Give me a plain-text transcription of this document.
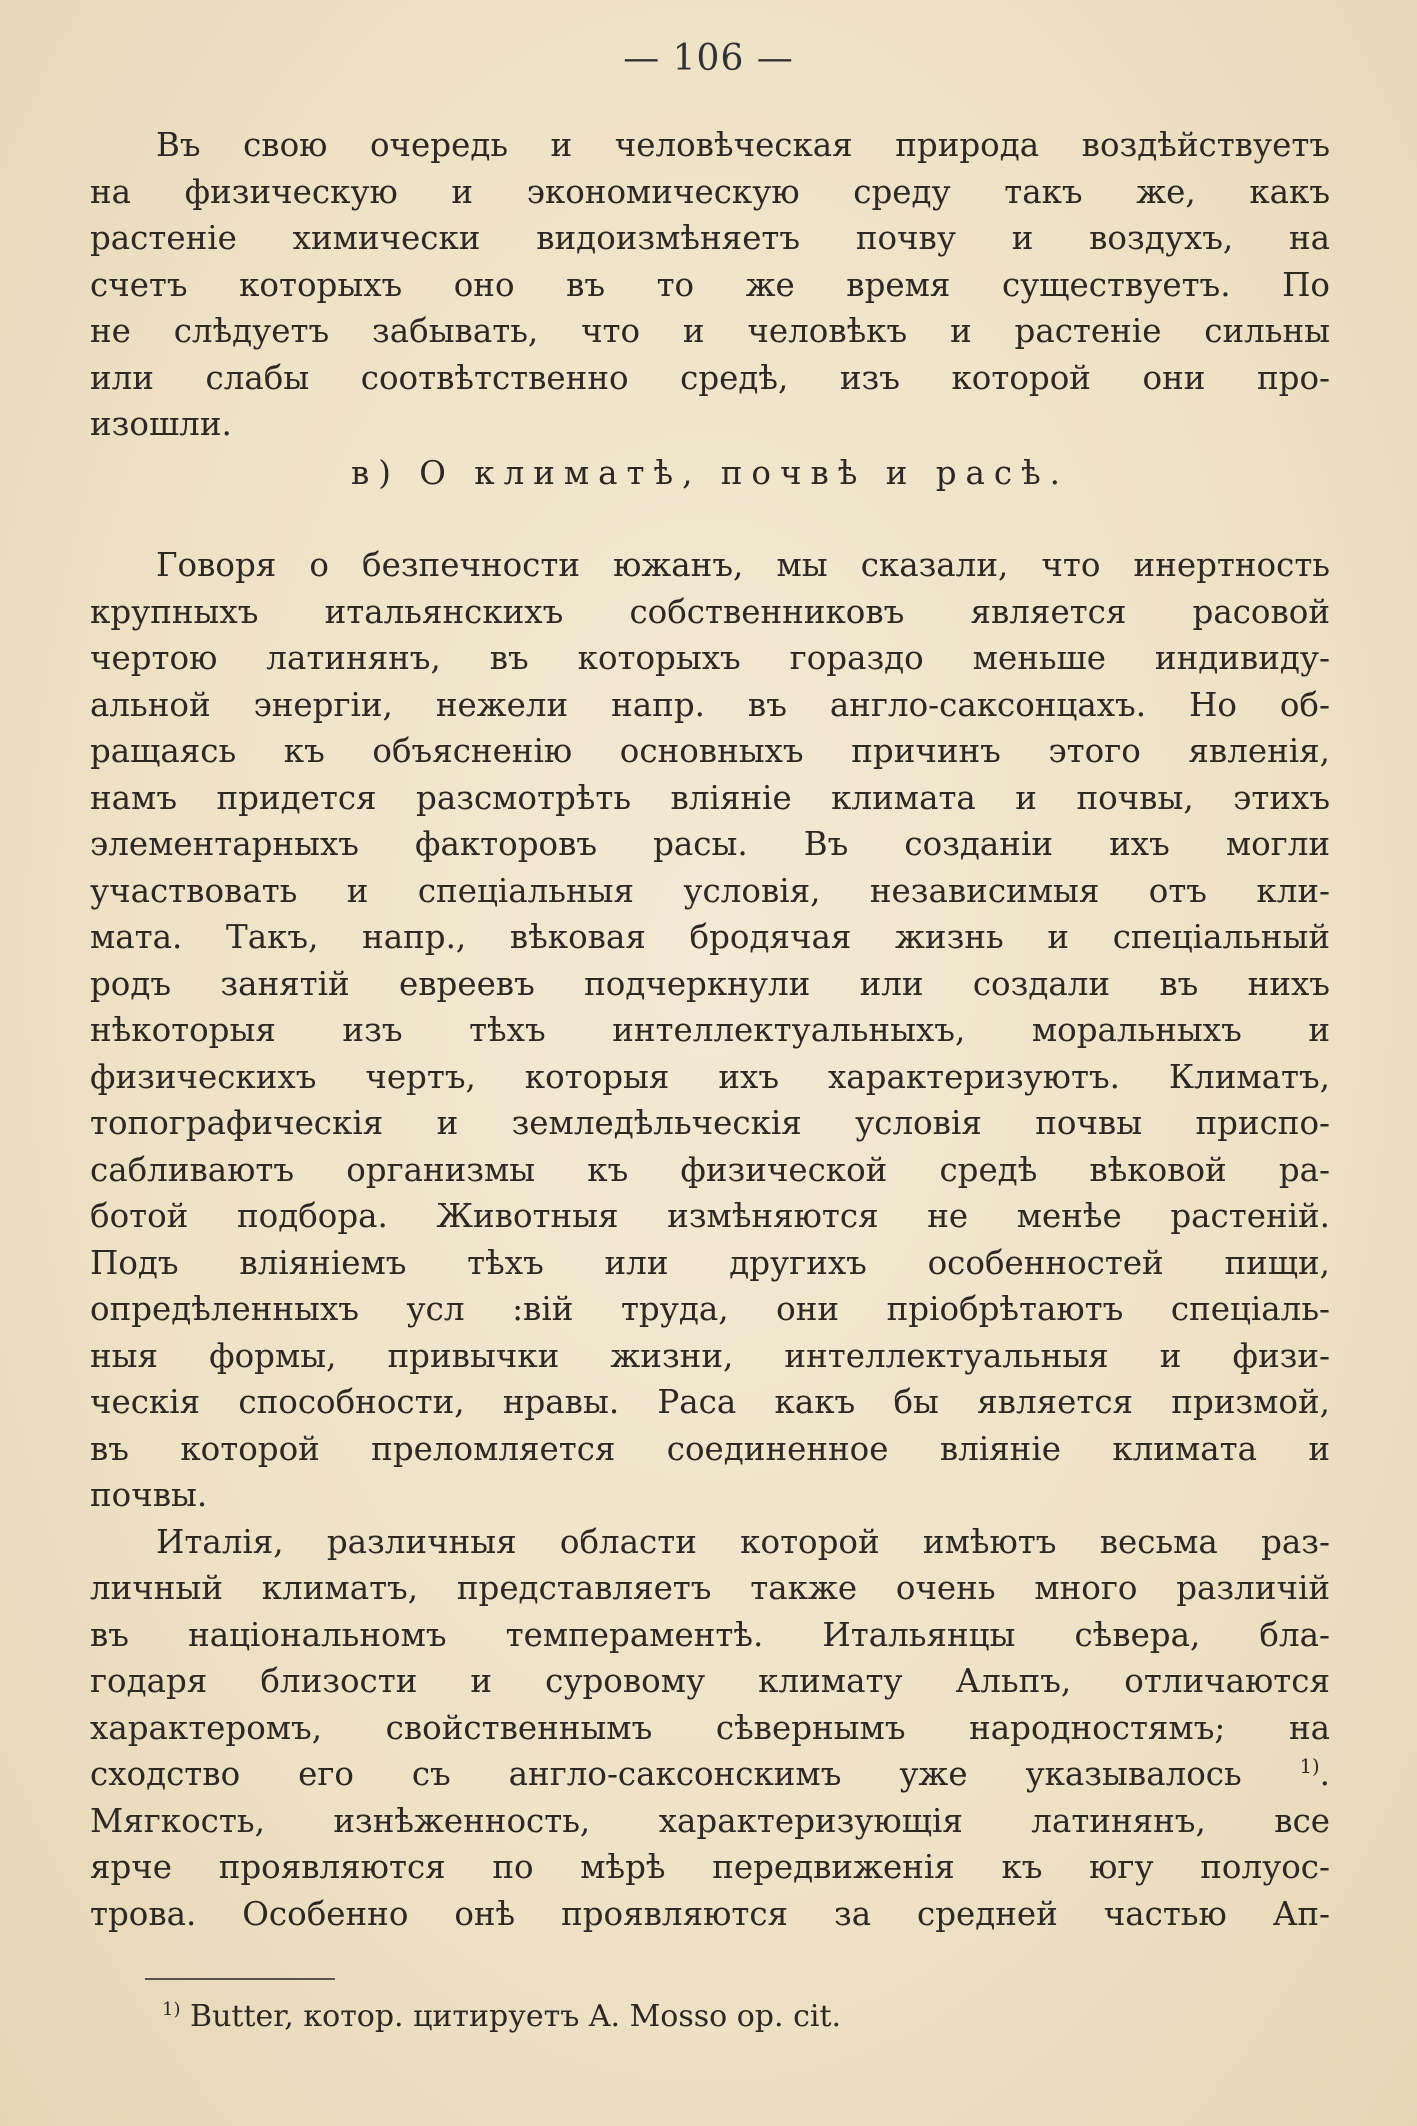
— 106 —
Въ свою очередь и человѣческая природа воздѣйствуетъ
на физическую и экономическую среду такъ же, какъ
растеніе химически видоизмѣняетъ почву и воздухъ, на
счетъ которыхъ оно въ то же время существуетъ. По
не слѣдуетъ забывать, что и человѣкъ и растеніе сильны
или слабы соотвѣтственно средѣ, изъ которой они про-
изошли.
в) О климатѣ, почвѣ и расѣ.
Говоря о безпечности южанъ, мы сказали, что инертность
крупныхъ итальянскихъ собственниковъ является расовой
чертою латинянъ, въ которыхъ гораздо меньше индивиду-
альной энергіи, нежели напр. въ англо-саксонцахъ. Но об-
ращаясь къ объясненію основныхъ причинъ этого явленія,
намъ придется разсмотрѣть вліяніе климата и почвы, этихъ
элементарныхъ факторовъ расы. Въ созданіи ихъ могли
участвовать и спеціальныя условія, независимыя отъ кли-
мата. Такъ, напр., вѣковая бродячая жизнь и спеціальный
родъ занятій евреевъ подчеркнули или создали въ нихъ
нѣкоторыя изъ тѣхъ интеллектуальныхъ, моральныхъ и
физическихъ чертъ, которыя ихъ характеризуютъ. Климатъ,
топографическія и земледѣльческія условія почвы приспо-
сабливаютъ организмы къ физической средѣ вѣковой ра-
ботой подбора. Животныя измѣняются не менѣе растеній.
Подъ вліяніемъ тѣхъ или другихъ особенностей пищи,
опредѣленныхъ усл :вій труда, они пріобрѣтаютъ спеціаль-
ныя формы, привычки жизни, интеллектуальныя и физи-
ческія способности, нравы. Раса какъ бы является призмой,
въ которой преломляется соединенное вліяніе климата и
почвы.
Италія, различныя области которой имѣютъ весьма раз-
личный климатъ, представляетъ также очень много различій
въ національномъ темпераментѣ. Итальянцы сѣвера, бла-
годаря близости и суровому климату Альпъ, отличаются
характеромъ, свойственнымъ сѣвернымъ народностямъ; на
сходство его съ англо-саксонскимъ уже указывалось	$^{1)}$.
Мягкость, изнѣженность, характеризующія латинянъ, все
ярче проявляются по мѣрѣ передвиженія къ югу полуос-
трова. Особенно онѣ проявляются за средней частью Ап-
$^{1)}$ Butter, котор. цитируетъ A. Mosso op. cit.
